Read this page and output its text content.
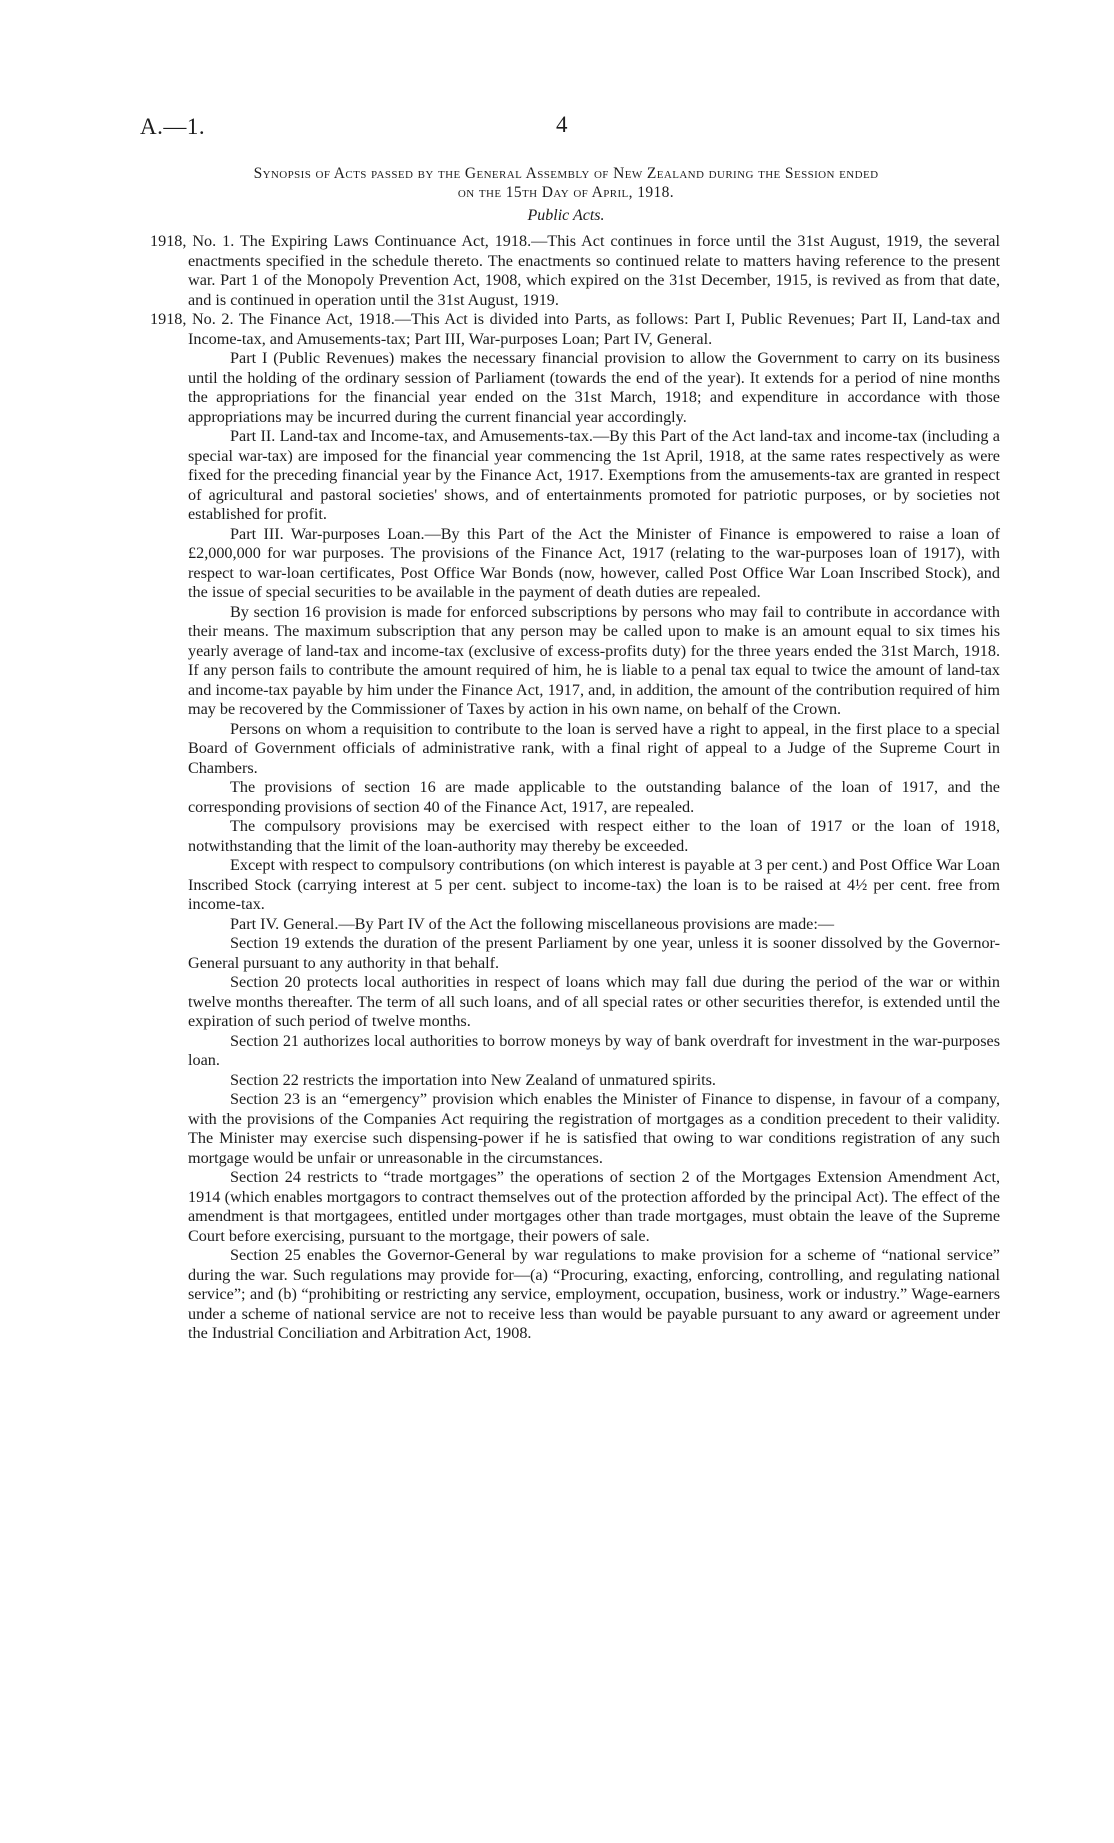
A.—1.	4
Synopsis of Acts passed by the General Assembly of New Zealand during the Session ended
on the 15th Day of April, 1918.
Public Acts.

1918, No. 1. The Expiring Laws Continuance Act, 1918.—This Act continues in force until the 31st August, 1919, the several enactments specified in the schedule thereto. The enactments so continued relate to matters having reference to the present war. Part 1 of the Monopoly Prevention Act, 1908, which expired on the 31st December, 1915, is revived as from that date, and is continued in operation until the 31st August, 1919.

1918, No. 2. The Finance Act, 1918.—This Act is divided into Parts, as follows: Part I, Public Revenues; Part II, Land-tax and Income-tax, and Amusements-tax; Part III, War-purposes Loan; Part IV, General.

Part I (Public Revenues) makes the necessary financial provision to allow the Government to carry on its business until the holding of the ordinary session of Parliament (towards the end of the year). It extends for a period of nine months the appropriations for the financial year ended on the 31st March, 1918; and expenditure in accordance with those appropriations may be incurred during the current financial year accordingly.

Part II. Land-tax and Income-tax, and Amusements-tax.—By this Part of the Act land-tax and income-tax (including a special war-tax) are imposed for the financial year commencing the 1st April, 1918, at the same rates respectively as were fixed for the preceding financial year by the Finance Act, 1917. Exemptions from the amusements-tax are granted in respect of agricultural and pastoral societies' shows, and of entertainments promoted for patriotic purposes, or by societies not established for profit.

Part III. War-purposes Loan.—By this Part of the Act the Minister of Finance is empowered to raise a loan of £2,000,000 for war purposes. The provisions of the Finance Act, 1917 (relating to the war-purposes loan of 1917), with respect to war-loan certificates, Post Office War Bonds (now, however, called Post Office War Loan Inscribed Stock), and the issue of special securities to be available in the payment of death duties are repealed.

By section 16 provision is made for enforced subscriptions by persons who may fail to contribute in accordance with their means. The maximum subscription that any person may be called upon to make is an amount equal to six times his yearly average of land-tax and income-tax (exclusive of excess-profits duty) for the three years ended the 31st March, 1918. If any person fails to contribute the amount required of him, he is liable to a penal tax equal to twice the amount of land-tax and income-tax payable by him under the Finance Act, 1917, and, in addition, the amount of the contribution required of him may be recovered by the Commissioner of Taxes by action in his own name, on behalf of the Crown.

Persons on whom a requisition to contribute to the loan is served have a right to appeal, in the first place to a special Board of Government officials of administrative rank, with a final right of appeal to a Judge of the Supreme Court in Chambers.

The provisions of section 16 are made applicable to the outstanding balance of the loan of 1917, and the corresponding provisions of section 40 of the Finance Act, 1917, are repealed.

The compulsory provisions may be exercised with respect either to the loan of 1917 or the loan of 1918, notwithstanding that the limit of the loan-authority may thereby be exceeded.

Except with respect to compulsory contributions (on which interest is payable at 3 per cent.) and Post Office War Loan Inscribed Stock (carrying interest at 5 per cent. subject to income-tax) the loan is to be raised at 4½ per cent. free from income-tax.

Part IV. General.—By Part IV of the Act the following miscellaneous provisions are made:—

Section 19 extends the duration of the present Parliament by one year, unless it is sooner dissolved by the Governor-General pursuant to any authority in that behalf.

Section 20 protects local authorities in respect of loans which may fall due during the period of the war or within twelve months thereafter. The term of all such loans, and of all special rates or other securities therefor, is extended until the expiration of such period of twelve months.

Section 21 authorizes local authorities to borrow moneys by way of bank overdraft for investment in the war-purposes loan.

Section 22 restricts the importation into New Zealand of unmatured spirits.

Section 23 is an “emergency” provision which enables the Minister of Finance to dispense, in favour of a company, with the provisions of the Companies Act requiring the registration of mortgages as a condition precedent to their validity. The Minister may exercise such dispensing-power if he is satisfied that owing to war conditions registration of any such mortgage would be unfair or unreasonable in the circumstances.

Section 24 restricts to “trade mortgages” the operations of section 2 of the Mortgages Extension Amendment Act, 1914 (which enables mortgagors to contract themselves out of the protection afforded by the principal Act). The effect of the amendment is that mortgagees, entitled under mortgages other than trade mortgages, must obtain the leave of the Supreme Court before exercising, pursuant to the mortgage, their powers of sale.

Section 25 enables the Governor-General by war regulations to make provision for a scheme of “national service” during the war. Such regulations may provide for—(a) “Procuring, exacting, enforcing, controlling, and regulating national service”; and (b) “prohibiting or restricting any service, employment, occupation, business, work or industry.” Wage-earners under a scheme of national service are not to receive less than would be payable pursuant to any award or agreement under the Industrial Conciliation and Arbitration Act, 1908.
